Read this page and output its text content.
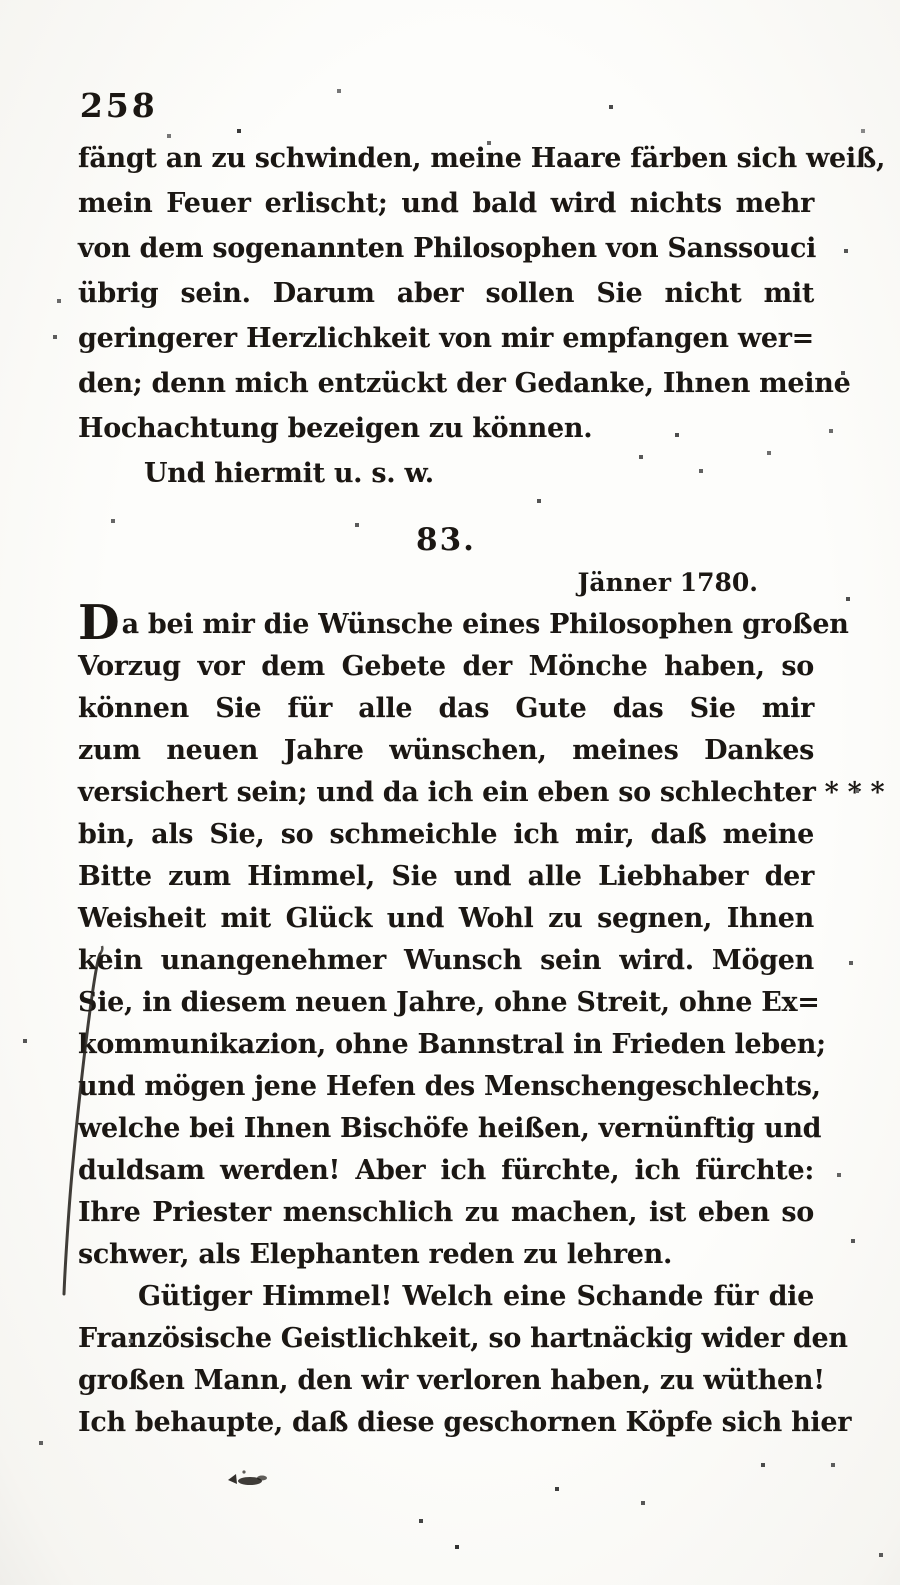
258
fängt an zu schwinden, meine Haare färben sich weiß,
mein Feuer erlischt; und bald wird nichts mehr
von dem sogenannten Philosophen von Sanssouci
übrig sein. Darum aber sollen Sie nicht mit
geringerer Herzlichkeit von mir empfangen wer=
den; denn mich entzückt der Gedanke, Ihnen meine
Hochachtung bezeigen zu können.
Und hiermit u. s. w.
83.
Jänner 1780.
Da bei mir die Wünsche eines Philosophen großen
Vorzug vor dem Gebete der Mönche haben, so
können Sie für alle das Gute das Sie mir
zum neuen Jahre wünschen, meines Dankes
versichert sein; und da ich ein eben so schlechter * * *
bin, als Sie, so schmeichle ich mir, daß meine
Bitte zum Himmel, Sie und alle Liebhaber der
Weisheit mit Glück und Wohl zu segnen, Ihnen
kein unangenehmer Wunsch sein wird. Mögen
Sie, in diesem neuen Jahre, ohne Streit, ohne Ex=
kommunikazion, ohne Bannstral in Frieden leben;
und mögen jene Hefen des Menschengeschlechts,
welche bei Ihnen Bischöfe heißen, vernünftig und
duldsam werden! Aber ich fürchte, ich fürchte:
Ihre Priester menschlich zu machen, ist eben so
schwer, als Elephanten reden zu lehren.
Gütiger Himmel! Welch eine Schande für die
Französische Geistlichkeit, so hartnäckig wider den
großen Mann, den wir verloren haben, zu wüthen!
Ich behaupte, daß diese geschornen Köpfe sich hier
